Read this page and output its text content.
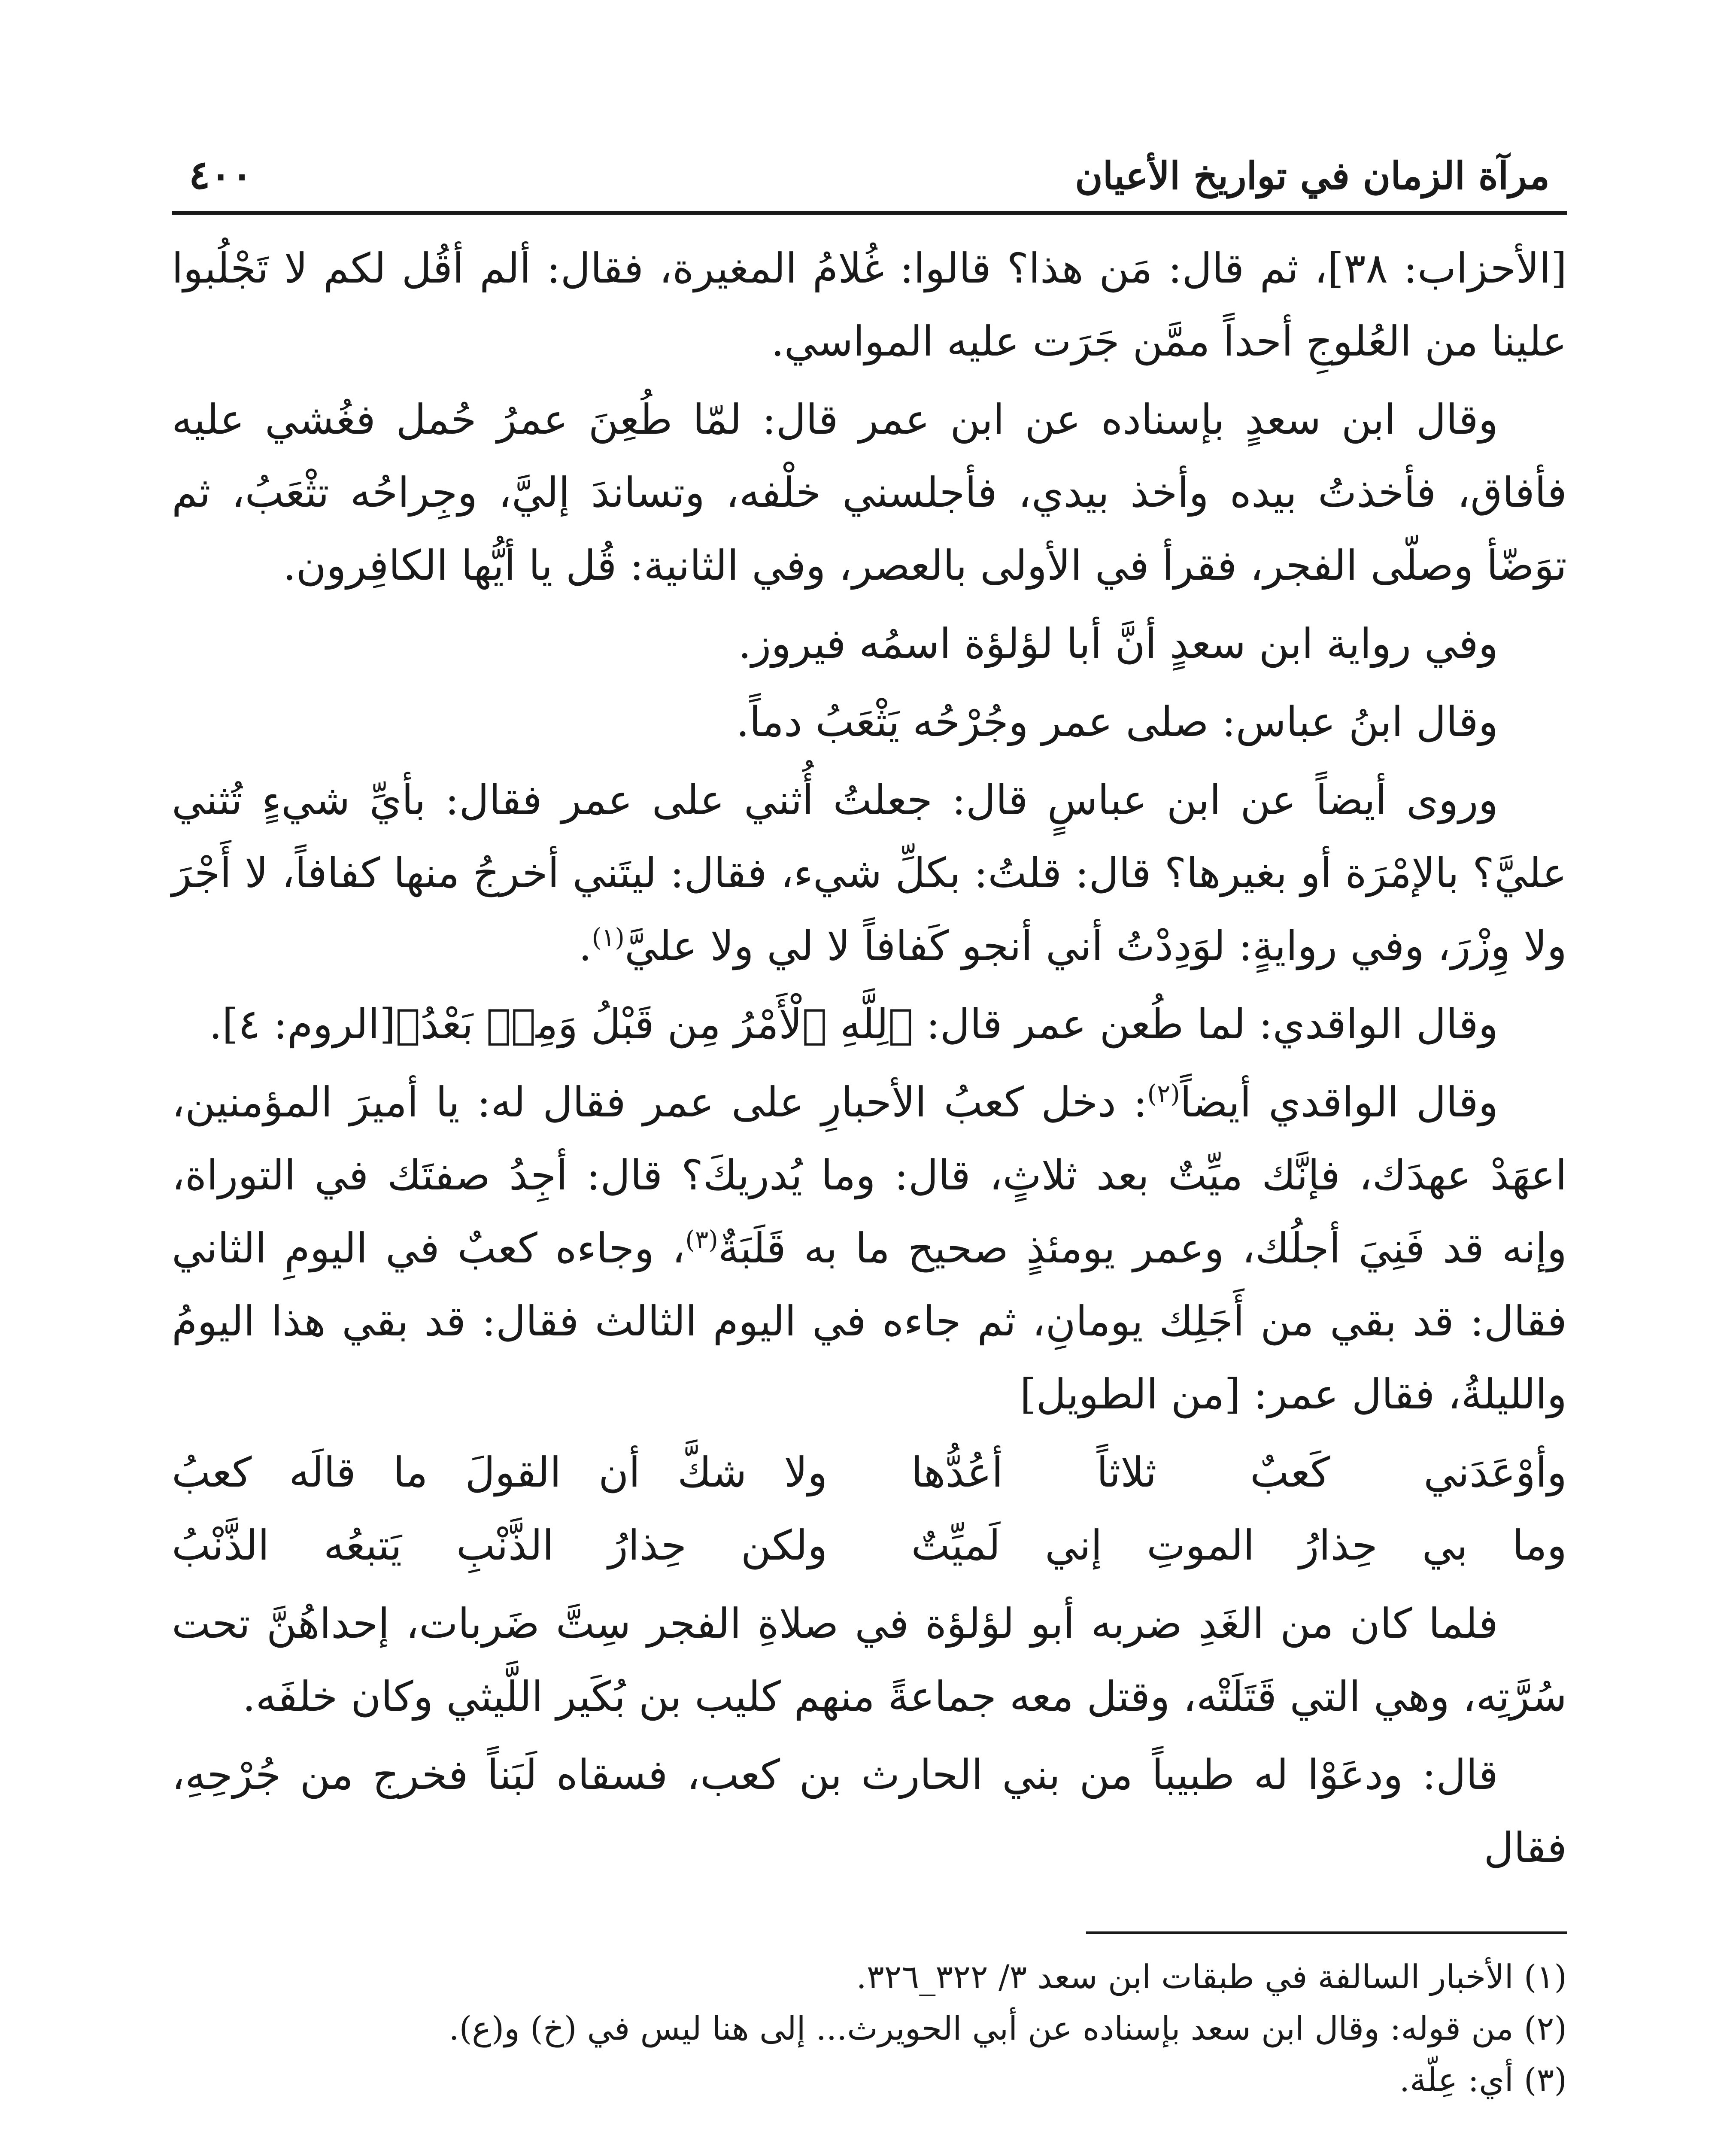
مرآة الزمان في تواريخ الأعيان
٤٠٠

[الأحزاب: ٣٨]، ثم قال: مَن هذا؟ قالوا: غُلامُ المغيرة، فقال: ألم أقُل لكم لا تَجْلُبوا علينا من العُلوجِ أحداً ممَّن جَرَت عليه المواسي.

وقال ابن سعدٍ بإسناده عن ابن عمر قال: لمّا طُعِنَ عمرُ حُمل فغُشي عليه فأفاق، فأخذتُ بيده وأخذ بيدي، فأجلسني خلْفه، وتساندَ إليَّ، وجِراحُه تثْعَبُ، ثم توَضّأ وصلّى الفجر، فقرأ في الأولى بالعصر، وفي الثانية: قُل يا أيُّها الكافِرون.

وفي رواية ابن سعدٍ أنَّ أبا لؤلؤة اسمُه فيروز.

وقال ابنُ عباس: صلى عمر وجُرْحُه يَثْعَبُ دماً.

وروى أيضاً عن ابن عباسٍ قال: جعلتُ أُثني على عمر فقال: بأيِّ شيءٍ تُثني عليَّ؟ بالإمْرَة أو بغيرها؟ قال: قلتُ: بكلِّ شيء، فقال: ليتَني أخرجُ منها كفافاً، لا أَجْرَ ولا وِزْرَ، وفي روايةٍ: لوَدِدْتُ أني أنجو كَفافاً لا لي ولا عليَّ$^{(١)}$.

وقال الواقدي: لما طُعن عمر قال: ﴿لِلَّهِ ٱلْأَمْرُ مِن قَبْلُ وَمِنۢ بَعْدُ﴾[الروم: ٤].

وقال الواقدي أيضاً$^{(٢)}$: دخل كعبُ الأحبارِ على عمر فقال له: يا أميرَ المؤمنين، اعهَدْ عهدَك، فإنَّك ميِّتٌ بعد ثلاثٍ، قال: وما يُدريكَ؟ قال: أجِدُ صفتَك في التوراة، وإنه قد فَنِيَ أجلُك، وعمر يومئذٍ صحيح ما به قَلَبَةٌ$^{(٣)}$، وجاءه كعبٌ في اليومِ الثاني فقال: قد بقي من أَجَلِك يومانِ، ثم جاءه في اليوم الثالث فقال: قد بقي هذا اليومُ والليلةُ، فقال عمر: [من الطويل]

وأوْعَدَني كَعبٌ ثلاثاً أعُدُّها
ولا شكَّ أن القولَ ما قالَه كعبُ
وما بي حِذارُ الموتِ إني لَميِّتٌ
ولكن حِذارُ الذَّنْبِ يَتبعُه الذَّنْبُ

فلما كان من الغَدِ ضربه أبو لؤلؤة في صلاةِ الفجر سِتَّ ضَربات، إحداهُنَّ تحت سُرَّتِه، وهي التي قَتَلَتْه، وقتل معه جماعةً منهم كليب بن بُكَير اللَّيثي وكان خلفَه.

قال: ودعَوْا له طبيباً من بني الحارث بن كعب، فسقاه لَبَناً فخرج من جُرْحِهِ، فقال

(١) الأخبار السالفة في طبقات ابن سعد ٣/ ٣٢٢_٣٢٦.

(٢) من قوله: وقال ابن سعد بإسناده عن أبي الحويرث... إلى هنا ليس في (خ) و(ع).

(٣) أي: عِلّة.
